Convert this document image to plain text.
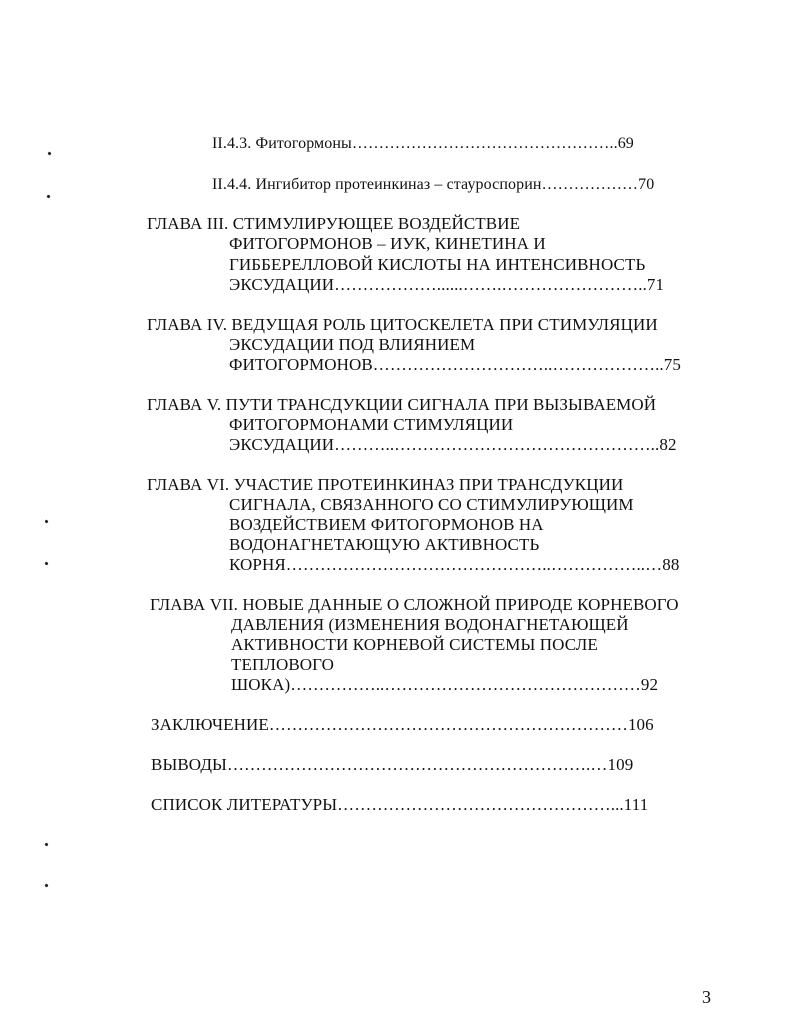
II.4.3. Фитогормоны…………………………………………..69
II.4.4. Ингибитор протеинкиназ – стауроспорин………………70
ГЛАВА III. СТИМУЛИРУЮЩЕЕ ВОЗДЕЙСТВИЕ
ФИТОГОРМОНОВ – ИУК, КИНЕТИНА И
ГИББЕРЕЛЛОВОЙ КИСЛОТЫ НА ИНТЕНСИВНОСТЬ
ЭКСУДАЦИИ………………......…….……………………..71
ГЛАВА IV. ВЕДУЩАЯ РОЛЬ ЦИТОСКЕЛЕТА ПРИ СТИМУЛЯЦИИ
ЭКСУДАЦИИ ПОД ВЛИЯНИЕМ
ФИТОГОРМОНОВ…………………………..………………..75
ГЛАВА V. ПУТИ ТРАНСДУКЦИИ СИГНАЛА ПРИ ВЫЗЫВАЕМОЙ
ФИТОГОРМОНАМИ СТИМУЛЯЦИИ
ЭКСУДАЦИИ………..………………………………………..82
ГЛАВА VI. УЧАСТИЕ ПРОТЕИНКИНАЗ ПРИ ТРАНСДУКЦИИ
СИГНАЛА, СВЯЗАННОГО СО СТИМУЛИРУЮЩИМ
ВОЗДЕЙСТВИЕМ ФИТОГОРМОНОВ НА
ВОДОНАГНЕТАЮЩУЮ АКТИВНОСТЬ
КОРНЯ………………………………………..……………..…88
ГЛАВА VII. НОВЫЕ ДАННЫЕ О СЛОЖНОЙ ПРИРОДЕ КОРНЕВОГО
ДАВЛЕНИЯ (ИЗМЕНЕНИЯ ВОДОНАГНЕТАЮЩЕЙ
АКТИВНОСТИ КОРНЕВОЙ СИСТЕМЫ ПОСЛЕ
ТЕПЛОВОГО
ШОКА)……………..………………………………………92
ЗАКЛЮЧЕНИЕ………………………………………………………106
ВЫВОДЫ……………………………………………………….…109
СПИСОК ЛИТЕРАТУРЫ…………………………………………...111
3
